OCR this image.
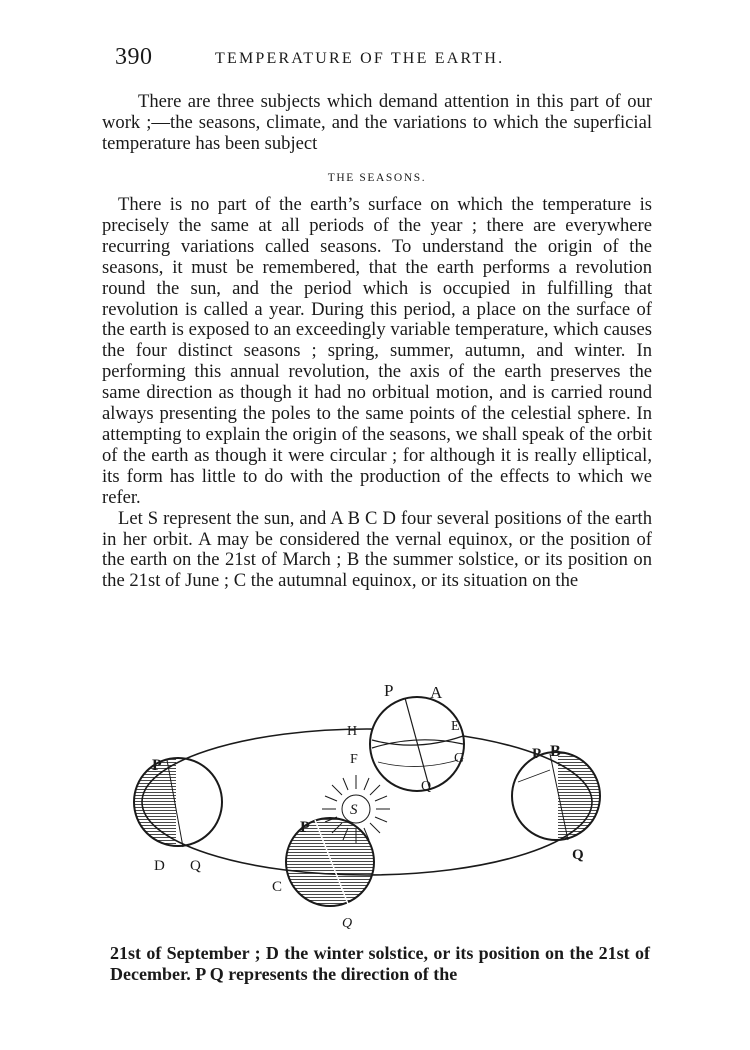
390	TEMPERATURE OF THE EARTH.

There are three subjects which demand attention in this part of our work ;—the seasons, climate, and the variations to which the superficial temperature has been subject

THE SEASONS.

There is no part of the earth’s surface on which the temperature is precisely the same at all periods of the year ; there are everywhere recurring variations called seasons. To understand the origin of the seasons, it must be remembered, that the earth performs a revolution round the sun, and the period which is occupied in fulfilling that revolution is called a year. During this period, a place on the surface of the earth is exposed to an exceedingly variable temperature, which causes the four distinct seasons ; spring, summer, autumn, and winter. In performing this annual revolution, the axis of the earth preserves the same direction as though it had no orbitual motion, and is carried round always presenting the poles to the same points of the celestial sphere. In attempting to explain the origin of the seasons, we shall speak of the orbit of the earth as though it were circular ; for although it is really elliptical, its form has little to do with the production of the effects to which we refer.

Let S represent the sun, and A B C D four several positions of the earth in her orbit. A may be considered the vernal equinox, or the position of the earth on the 21st of March ; B the summer solstice, or its position on the 21st of June ; C the autumnal equinox, or its situation on the

S
P A
H	E
F	G
Q
P
D Q
P B
Q
P
C
Q

21st of September ; D the winter solstice, or its position on the 21st of December. P Q represents the direction of the
